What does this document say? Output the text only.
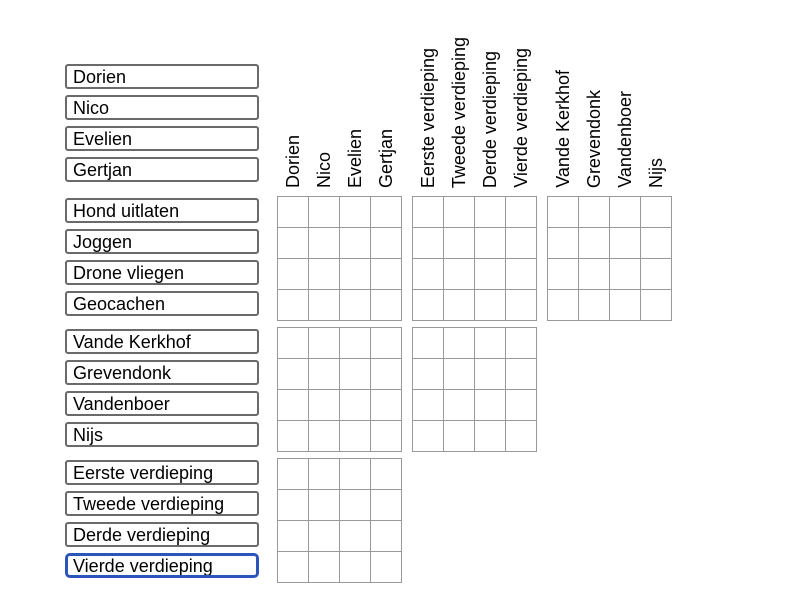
Dorien
Nico
Evelien
Gertjan
Hond uitlaten
Joggen
Drone vliegen
Geocachen
Vande Kerkhof
Grevendonk
Vandenboer
Nijs
Eerste verdieping
Tweede verdieping
Derde verdieping
Vierde verdieping
Dorien Nico Evelien Gertjan Eerste verdieping Tweede verdieping Derde verdieping Vierde verdieping Vande Kerkhof Grevendonk Vandenboer Nijs
